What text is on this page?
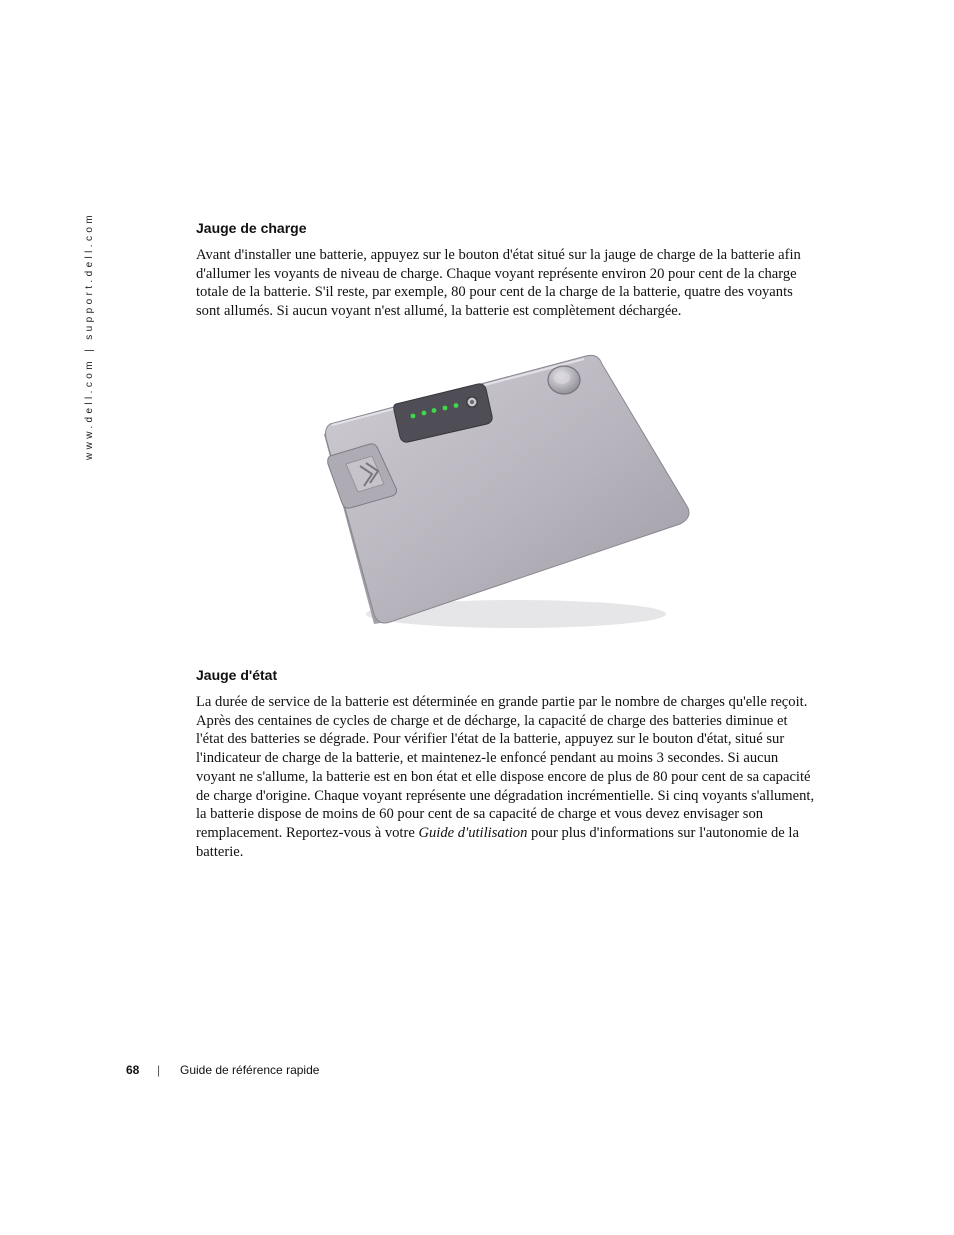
www.dell.com | support.dell.com	Jauge de charge

Avant d'installer une batterie, appuyez sur le bouton d'état situé sur la jauge de charge de la batterie afin d'allumer les voyants de niveau de charge. Chaque voyant représente environ 20 pour cent de la charge totale de la batterie. S'il reste, par exemple, 80 pour cent de la charge de la batterie, quatre des voyants sont allumés. Si aucun voyant n'est allumé, la batterie est complètement déchargée.

Jauge d'état

La durée de service de la batterie est déterminée en grande partie par le nombre de charges qu'elle reçoit. Après des centaines de cycles de charge et de décharge, la capacité de charge des batteries diminue et l'état des batteries se dégrade. Pour vérifier l'état de la batterie, appuyez sur le bouton d'état, situé sur l'indicateur de charge de la batterie, et maintenez-le enfoncé pendant au moins 3 secondes. Si aucun voyant ne s'allume, la batterie est en bon état et elle dispose encore de plus de 80 pour cent de sa capacité de charge d'origine. Chaque voyant représente une dégradation incrémentielle. Si cinq voyants s'allument, la batterie dispose de moins de 60 pour cent de sa capacité de charge et vous devez envisager son remplacement. Reportez-vous à votre Guide d'utilisation pour plus d'informations sur l'autonomie de la batterie.

68 | Guide de référence rapide
